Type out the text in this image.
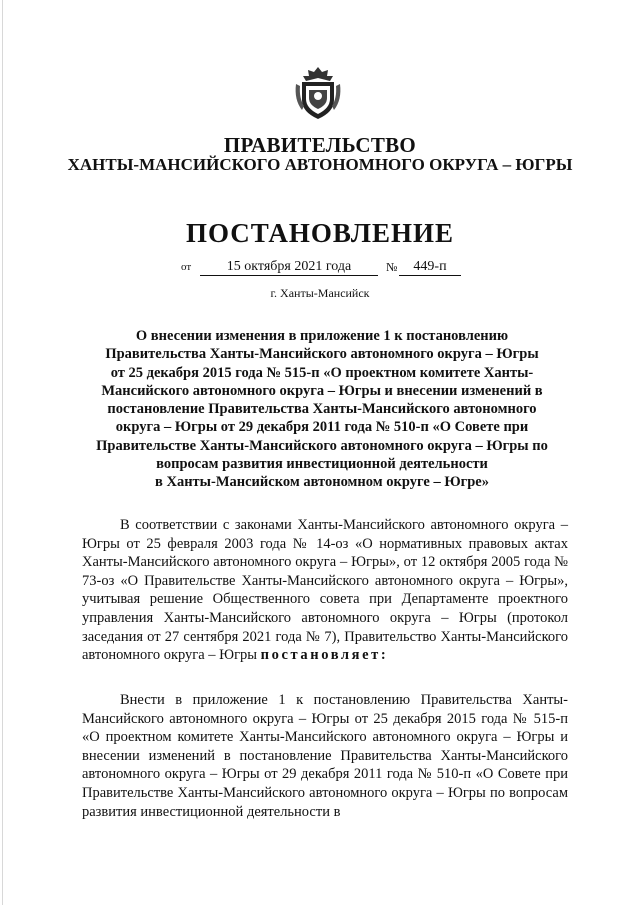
ПРАВИТЕЛЬСТВО
ХАНТЫ-МАНСИЙСКОГО АВТОНОМНОГО ОКРУГА – ЮГРЫ
ПОСТАНОВЛЕНИЕ
от	15 октября 2021 года	№	449-п
г. Ханты-Мансийск
О внесении изменения в приложение 1 к постановлению
Правительства Ханты-Мансийского автономного округа – Югры
от 25 декабря 2015 года № 515-п «О проектном комитете Ханты-
Мансийского автономного округа – Югры и внесении изменений в
постановление Правительства Ханты-Мансийского автономного
округа – Югры от 29 декабря 2011 года № 510-п «О Совете при
Правительстве Ханты-Мансийского автономного округа – Югры по
вопросам развития инвестиционной деятельности
в Ханты-Мансийском автономном округе – Югре»
В соответствии с законами Ханты-Мансийского автономного округа – Югры от 25 февраля 2003 года № 14-оз «О нормативных правовых актах Ханты-Мансийского автономного округа – Югры», от 12 октября 2005 года № 73-оз «О Правительстве Ханты-Мансийского автономного округа – Югры», учитывая решение Общественного совета при Департаменте проектного управления Ханты-Мансийского автономного округа – Югры (протокол заседания от 27 сентября 2021 года № 7), Правительство Ханты-Мансийского автономного округа – Югры постановляет:
Внести в приложение 1 к постановлению Правительства Ханты-Мансийского автономного округа – Югры от 25 декабря 2015 года № 515-п «О проектном комитете Ханты-Мансийского автономного округа – Югры и внесении изменений в постановление Правительства Ханты-Мансийского автономного округа – Югры от 29 декабря 2011 года № 510-п «О Совете при Правительстве Ханты-Мансийского автономного округа – Югры по вопросам развития инвестиционной деятельности в
